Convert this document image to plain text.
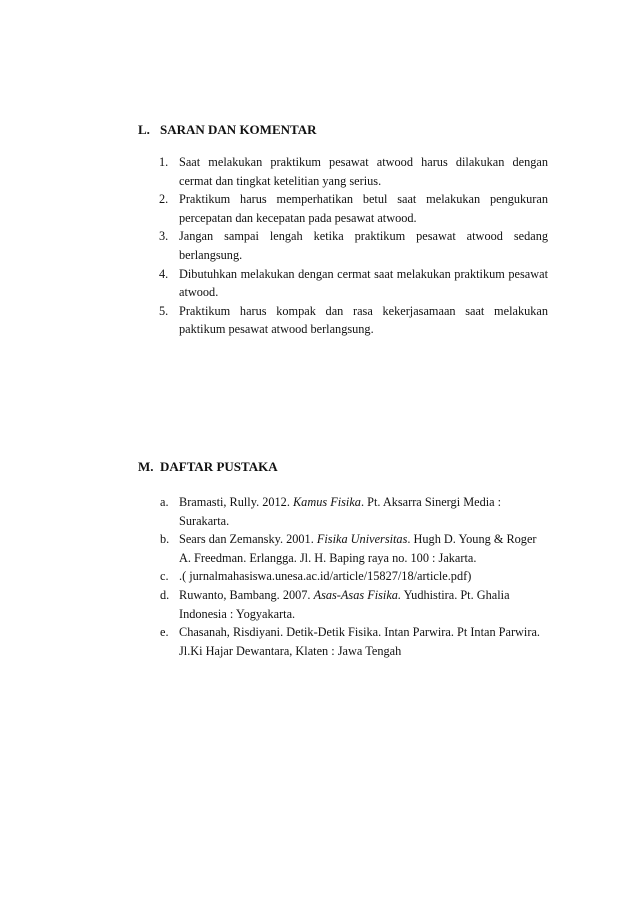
L. SARAN DAN KOMENTAR
1. Saat melakukan praktikum pesawat atwood harus dilakukan dengan cermat dan tingkat ketelitian yang serius.
2. Praktikum harus memperhatikan betul saat melakukan pengukuran percepatan dan kecepatan pada pesawat atwood.
3. Jangan sampai lengah ketika praktikum pesawat atwood sedang berlangsung.
4. Dibutuhkan melakukan dengan cermat saat melakukan praktikum pesawat atwood.
5. Praktikum harus kompak dan rasa kekerjasamaan saat melakukan paktikum pesawat atwood berlangsung.
M. DAFTAR PUSTAKA
a. Bramasti, Rully. 2012. Kamus Fisika. Pt. Aksarra Sinergi Media : Surakarta.
b. Sears dan Zemansky. 2001. Fisika Universitas. Hugh D. Young & Roger A. Freedman. Erlangga. Jl. H. Baping raya no. 100 : Jakarta.
c. .( jurnalmahasiswa.unesa.ac.id/article/15827/18/article.pdf)
d. Ruwanto, Bambang. 2007. Asas-Asas Fisika. Yudhistira. Pt. Ghalia Indonesia : Yogyakarta.
e. Chasanah, Risdiyani. Detik-Detik Fisika. Intan Parwira. Pt Intan Parwira. Jl.Ki Hajar Dewantara, Klaten : Jawa Tengah
